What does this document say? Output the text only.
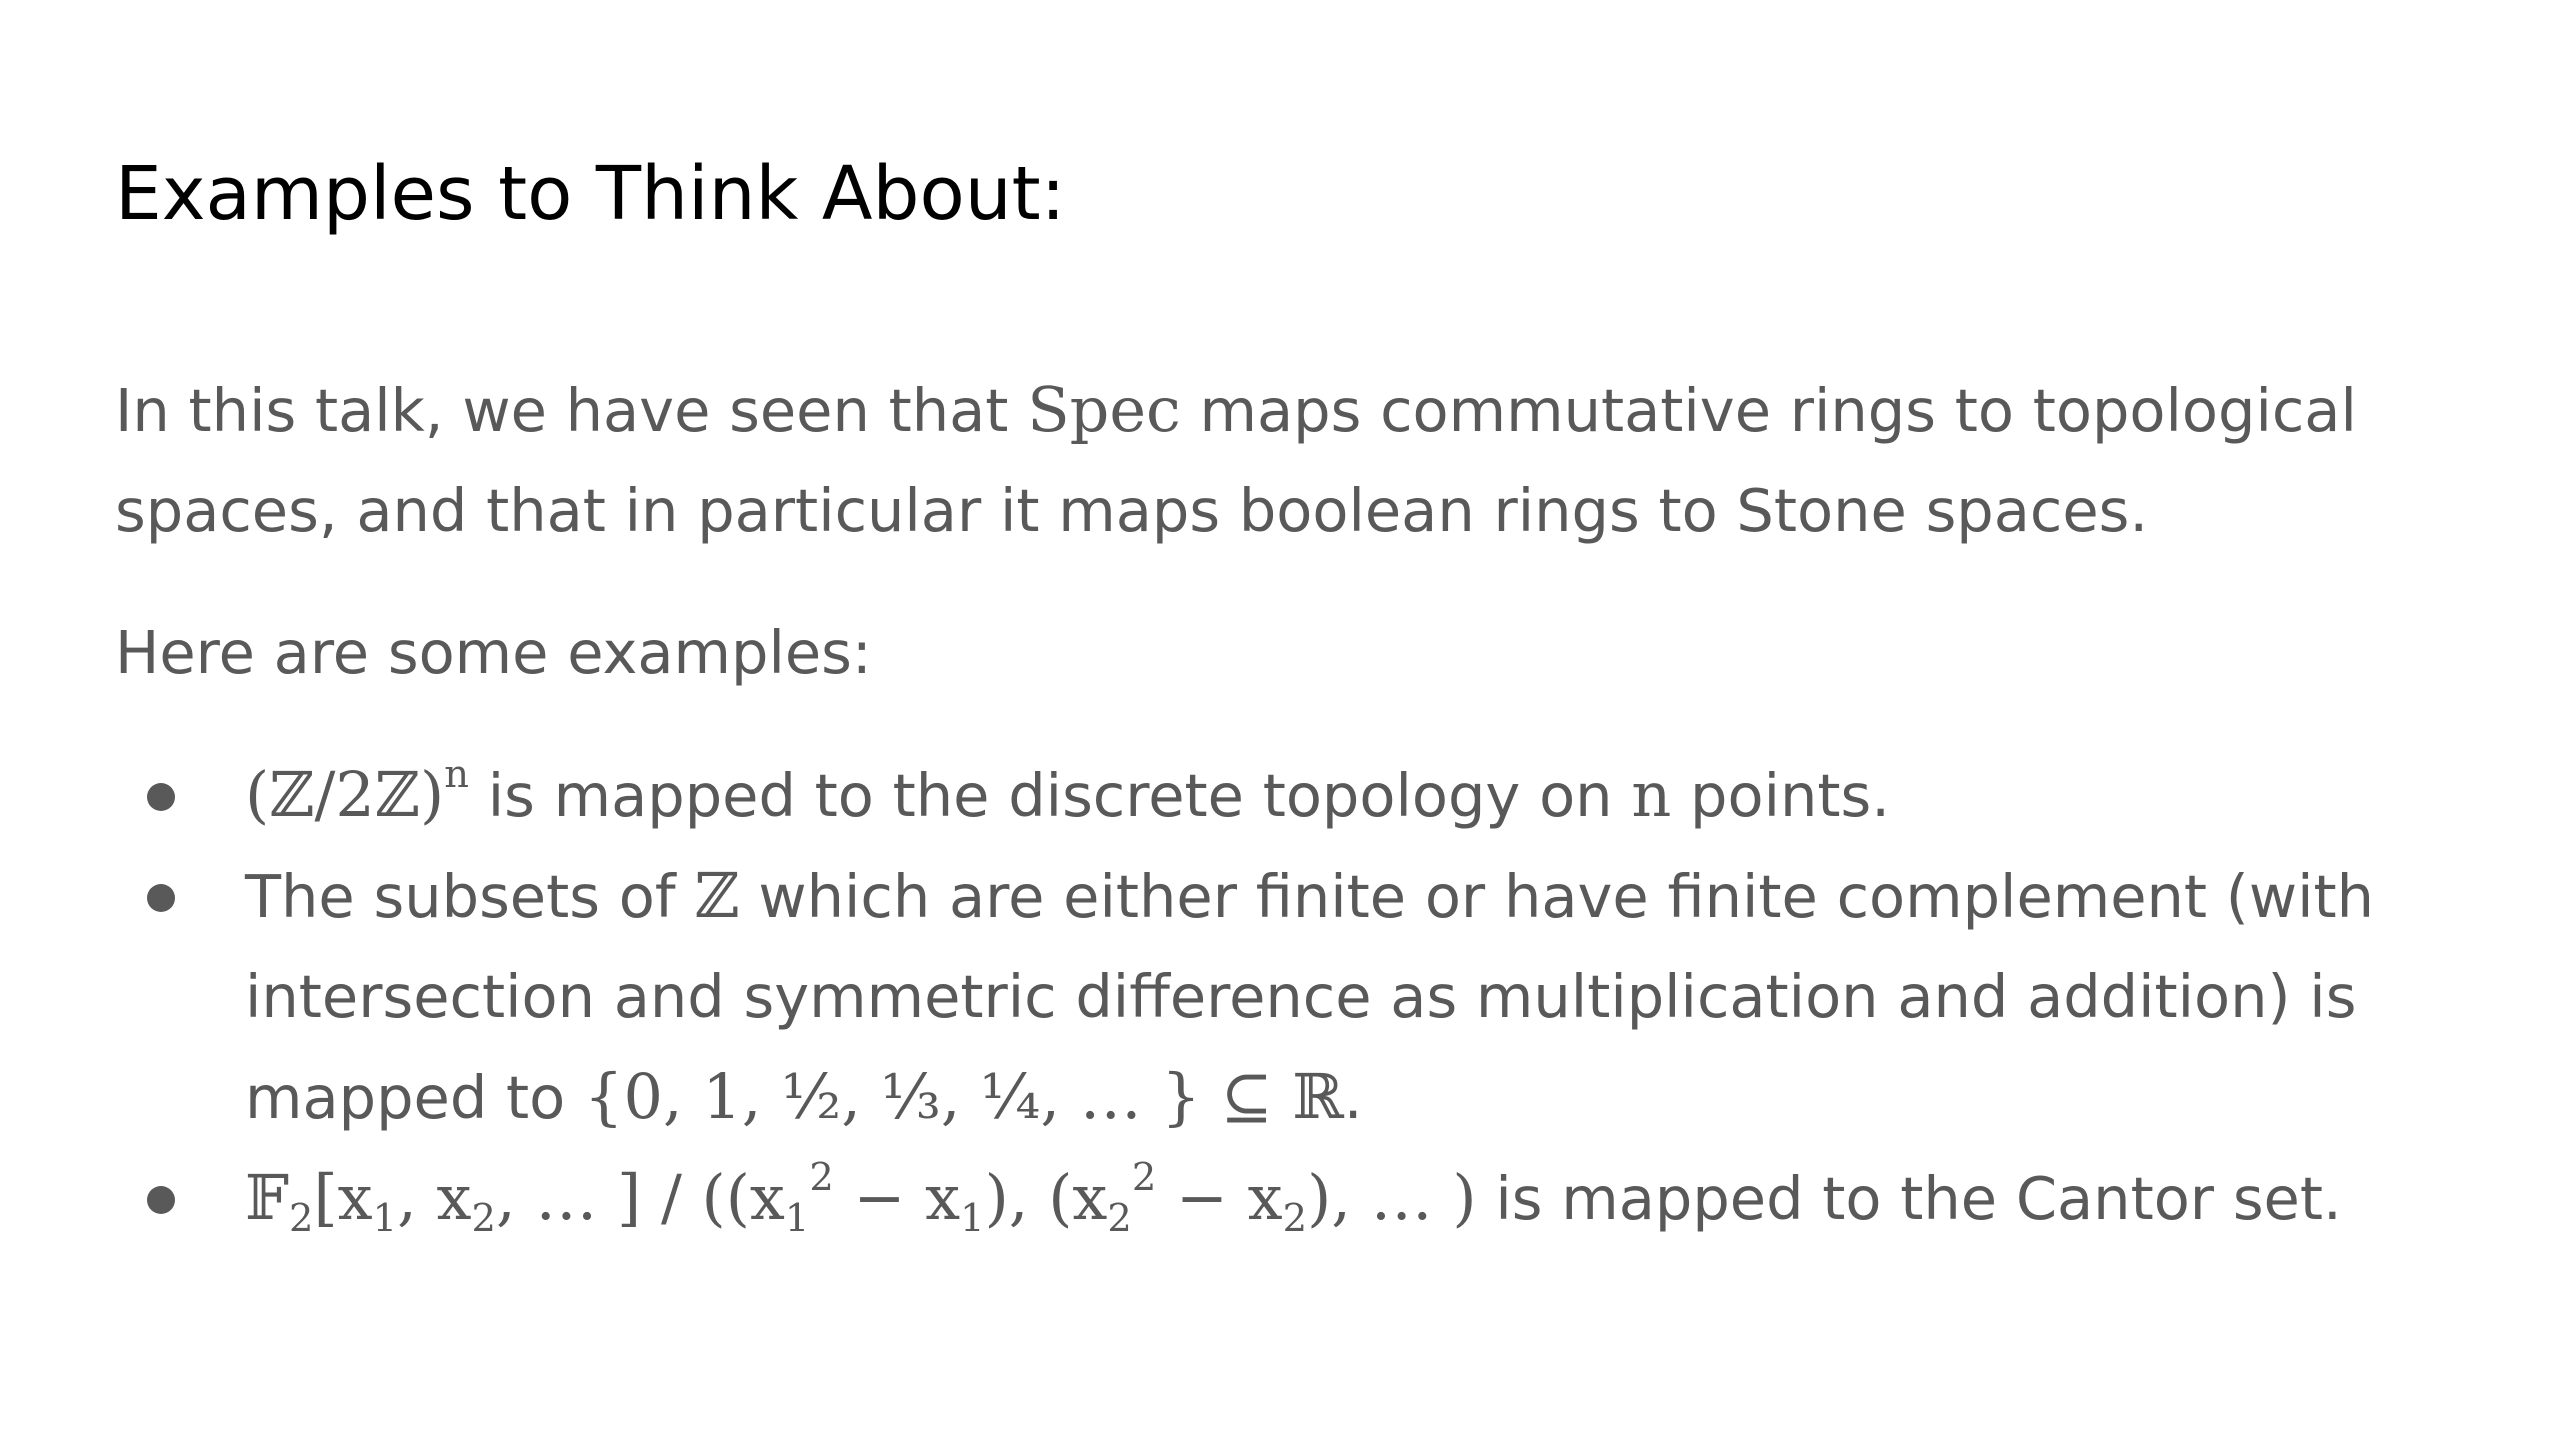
Examples to Think About:

In this talk, we have seen that Spec maps commutative rings to topological spaces, and that in particular it maps boolean rings to Stone spaces.

Here are some examples:

(ℤ/2ℤ)$^n$ is mapped to the discrete topology on n points.
The subsets of ℤ which are either finite or have finite complement (with intersection and symmetric difference as multiplication and addition) is mapped to {0, 1, ½, ⅓, ¼, … } ⊆ ℝ.
$𝔽_2[x_1$, $x_2$, … ] / ($(x_1^2 - x_1)$, $(x_2^2 - x_2)$, … ) is mapped to the Cantor set.
